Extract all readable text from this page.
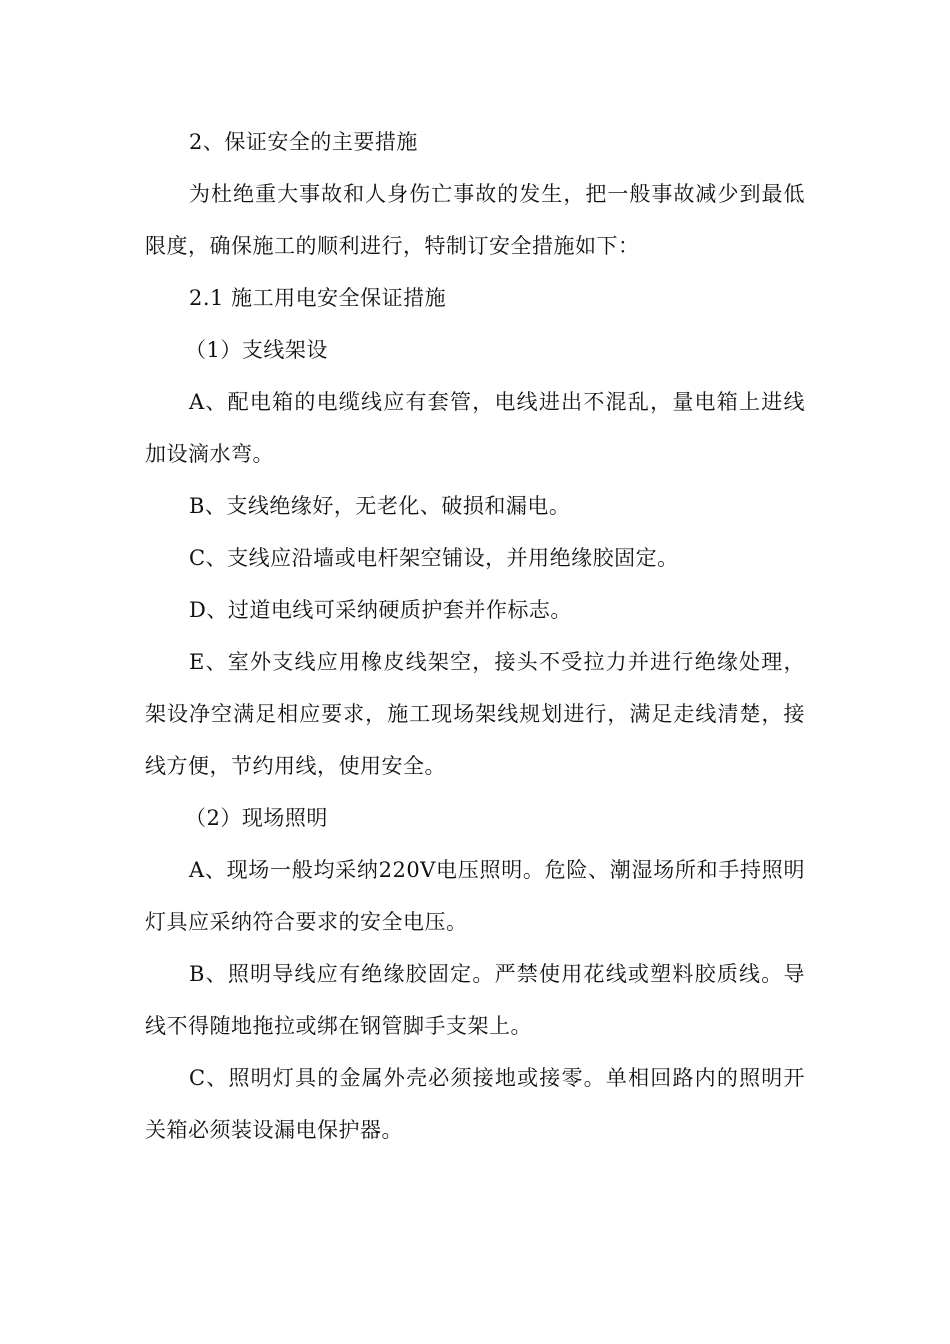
2、保证安全的主要措施

为杜绝重大事故和人身伤亡事故的发生，把一般事故减少到最低限度，确保施工的顺利进行，特制订安全措施如下：

2.1 施工用电安全保证措施

（1）支线架设

A、配电箱的电缆线应有套管，电线进出不混乱，量电箱上进线加设滴水弯。

B、支线绝缘好，无老化、破损和漏电。

C、支线应沿墙或电杆架空铺设，并用绝缘胶固定。

D、过道电线可采纳硬质护套并作标志。

E、室外支线应用橡皮线架空，接头不受拉力并进行绝缘处理，架设净空满足相应要求，施工现场架线规划进行，满足走线清楚，接线方便，节约用线，使用安全。

（2）现场照明

A、现场一般均采纳220V电压照明。危险、潮湿场所和手持照明灯具应采纳符合要求的安全电压。

B、照明导线应有绝缘胶固定。严禁使用花线或塑料胶质线。导线不得随地拖拉或绑在钢管脚手支架上。

C、照明灯具的金属外壳必须接地或接零。单相回路内的照明开关箱必须装设漏电保护器。
